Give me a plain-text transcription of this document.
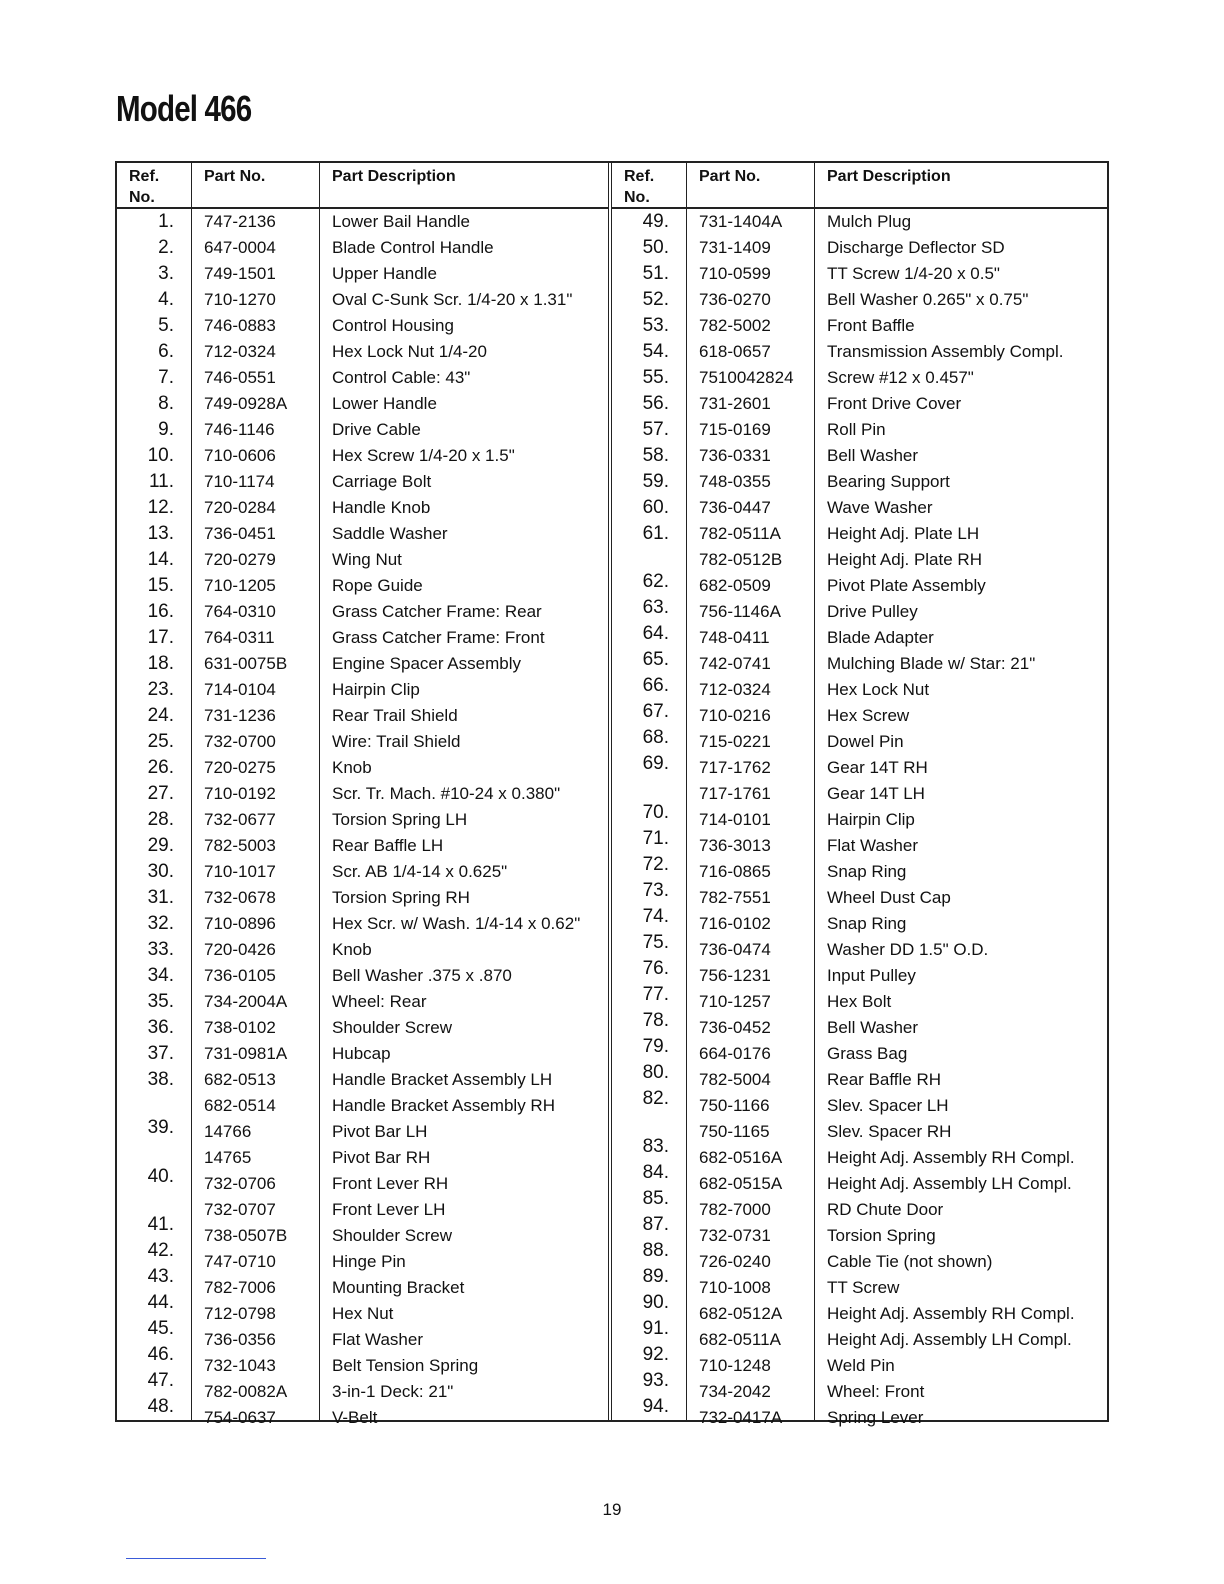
Model 466
Ref.
No.
Part No.	Part Description
1.
2.
3.
4.
5.
6.
7.
8.
9.
10.
11.
12.
13.
14.
15.
16.
17.
18.
23.
24.
25.
26.
27.
28.
29.
30.
31.
32.
33.
34.
35.
36.
37.
38.
39.
40.
41.
42.
43.
44.
45.
46.
47.
48.
747-2136
647-0004
749-1501
710-1270
746-0883
712-0324
746-0551
749-0928A
746-1146
710-0606
710-1174
720-0284
736-0451
720-0279
710-1205
764-0310
764-0311
631-0075B
714-0104
731-1236
732-0700
720-0275
710-0192
732-0677
782-5003
710-1017
732-0678
710-0896
720-0426
736-0105
734-2004A
738-0102
731-0981A
682-0513
682-0514
14766
14765
732-0706
732-0707
738-0507B
747-0710
782-7006
712-0798
736-0356
732-1043
782-0082A
754-0637
Lower Bail Handle
Blade Control Handle
Upper Handle
Oval C-Sunk Scr. 1/4-20 x 1.31"
Control Housing
Hex Lock Nut 1/4-20
Control Cable: 43"
Lower Handle
Drive Cable
Hex Screw 1/4-20 x 1.5"
Carriage Bolt
Handle Knob
Saddle Washer
Wing Nut
Rope Guide
Grass Catcher Frame: Rear
Grass Catcher Frame: Front
Engine Spacer Assembly
Hairpin Clip
Rear Trail Shield
Wire: Trail Shield
Knob
Scr. Tr. Mach. #10-24 x 0.380"
Torsion Spring LH
Rear Baffle LH
Scr. AB 1/4-14 x 0.625"
Torsion Spring RH
Hex Scr. w/ Wash. 1/4-14 x 0.62"
Knob
Bell Washer .375 x .870
Wheel: Rear
Shoulder Screw
Hubcap
Handle Bracket Assembly LH
Handle Bracket Assembly RH
Pivot Bar LH
Pivot Bar RH
Front Lever RH
Front Lever LH
Shoulder Screw
Hinge Pin
Mounting Bracket
Hex Nut
Flat Washer
Belt Tension Spring
3-in-1 Deck: 21"
V-Belt
Ref.
No.
Part No.	Part Description
49.
50.
51.
52.
53.
54.
55.
56.
57.
58.
59.
60.
61.
62.
63.
64.
65.
66.
67.
68.
69.
70.
71.
72.
73.
74.
75.
76.
77.
78.
79.
80.
82.
83.
84.
85.
87.
88.
89.
90.
91.
92.
93.
94.
731-1404A
731-1409
710-0599
736-0270
782-5002
618-0657
7510042824
731-2601
715-0169
736-0331
748-0355
736-0447
782-0511A
782-0512B
682-0509
756-1146A
748-0411
742-0741
712-0324
710-0216
715-0221
717-1762
717-1761
714-0101
736-3013
716-0865
782-7551
716-0102
736-0474
756-1231
710-1257
736-0452
664-0176
782-5004
750-1166
750-1165
682-0516A
682-0515A
782-7000
732-0731
726-0240
710-1008
682-0512A
682-0511A
710-1248
734-2042
732-0417A
Mulch Plug
Discharge Deflector SD
TT Screw 1/4-20 x 0.5"
Bell Washer 0.265" x 0.75"
Front Baffle
Transmission Assembly Compl.
Screw #12 x 0.457"
Front Drive Cover
Roll Pin
Bell Washer
Bearing Support
Wave Washer
Height Adj. Plate LH
Height Adj. Plate RH
Pivot Plate Assembly
Drive Pulley
Blade Adapter
Mulching Blade w/ Star: 21"
Hex Lock Nut
Hex Screw
Dowel Pin
Gear 14T RH
Gear 14T LH
Hairpin Clip
Flat Washer
Snap Ring
Wheel Dust Cap
Snap Ring
Washer DD 1.5" O.D.
Input Pulley
Hex Bolt
Bell Washer
Grass Bag
Rear Baffle RH
Slev. Spacer LH
Slev. Spacer RH
Height Adj. Assembly RH Compl.
Height Adj. Assembly LH Compl.
RD Chute Door
Torsion Spring
Cable Tie (not shown)
TT Screw
Height Adj. Assembly RH Compl.
Height Adj. Assembly LH Compl.
Weld Pin
Wheel: Front
Spring Lever
19
